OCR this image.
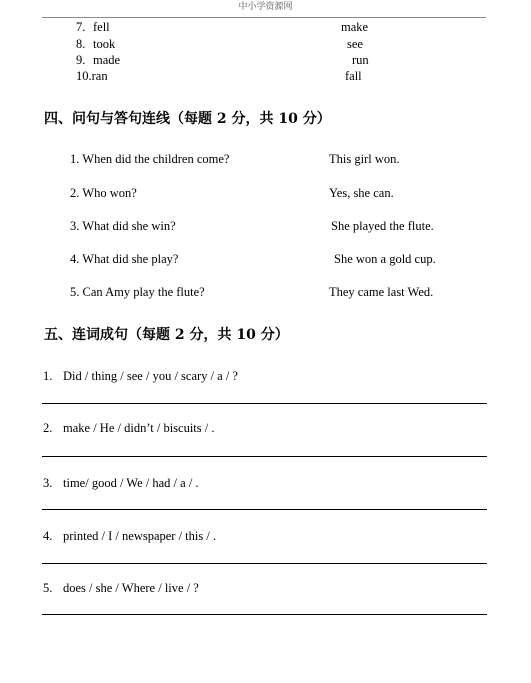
中小学资源网
7. fell	make
8. took	see
9. made	run
10.ran	fall
四、问句与答句连线（每题 2 分，共 10 分）
1. When did the children come?
2. Who won?
3. What did she win?
4. What did she play?
5. Can Amy play the flute?
This girl won.
Yes, she can.
She played the flute.
She won a gold cup.
They came last Wed.
五、连词成句（每题 2 分，共 10 分）
1. Did / thing / see / you / scary / a / ?
2. make / He / didn’t / biscuits / .
3. time/ good / We / had / a / .
4. printed / I / newspaper / this / .
5. does / she / Where / live / ?
